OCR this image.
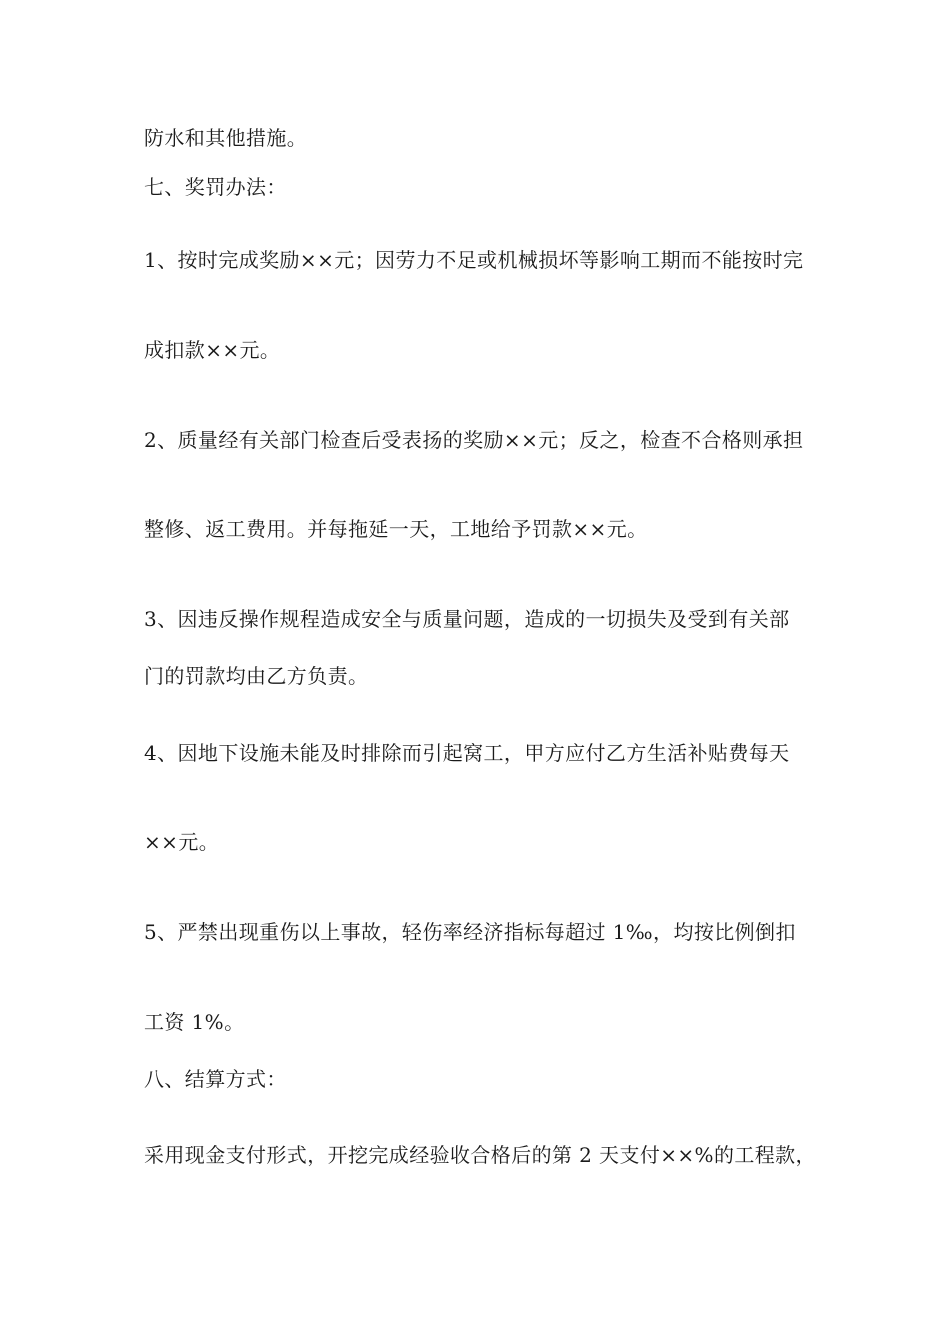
防水和其他措施。
七、奖罚办法：
1、按时完成奖励××元；因劳力不足或机械损坏等影响工期而不能按时完
成扣款××元。
2、质量经有关部门检查后受表扬的奖励××元；反之，检查不合格则承担
整修、返工费用。并每拖延一天，工地给予罚款××元。
3、因违反操作规程造成安全与质量问题，造成的一切损失及受到有关部
门的罚款均由乙方负责。
4、因地下设施未能及时排除而引起窝工，甲方应付乙方生活补贴费每天
××元。
5、严禁出现重伤以上事故，轻伤率经济指标每超过 1‰，均按比例倒扣
工资 1%。
八、结算方式：
采用现金支付形式，开挖完成经验收合格后的第 2 天支付××%的工程款，
